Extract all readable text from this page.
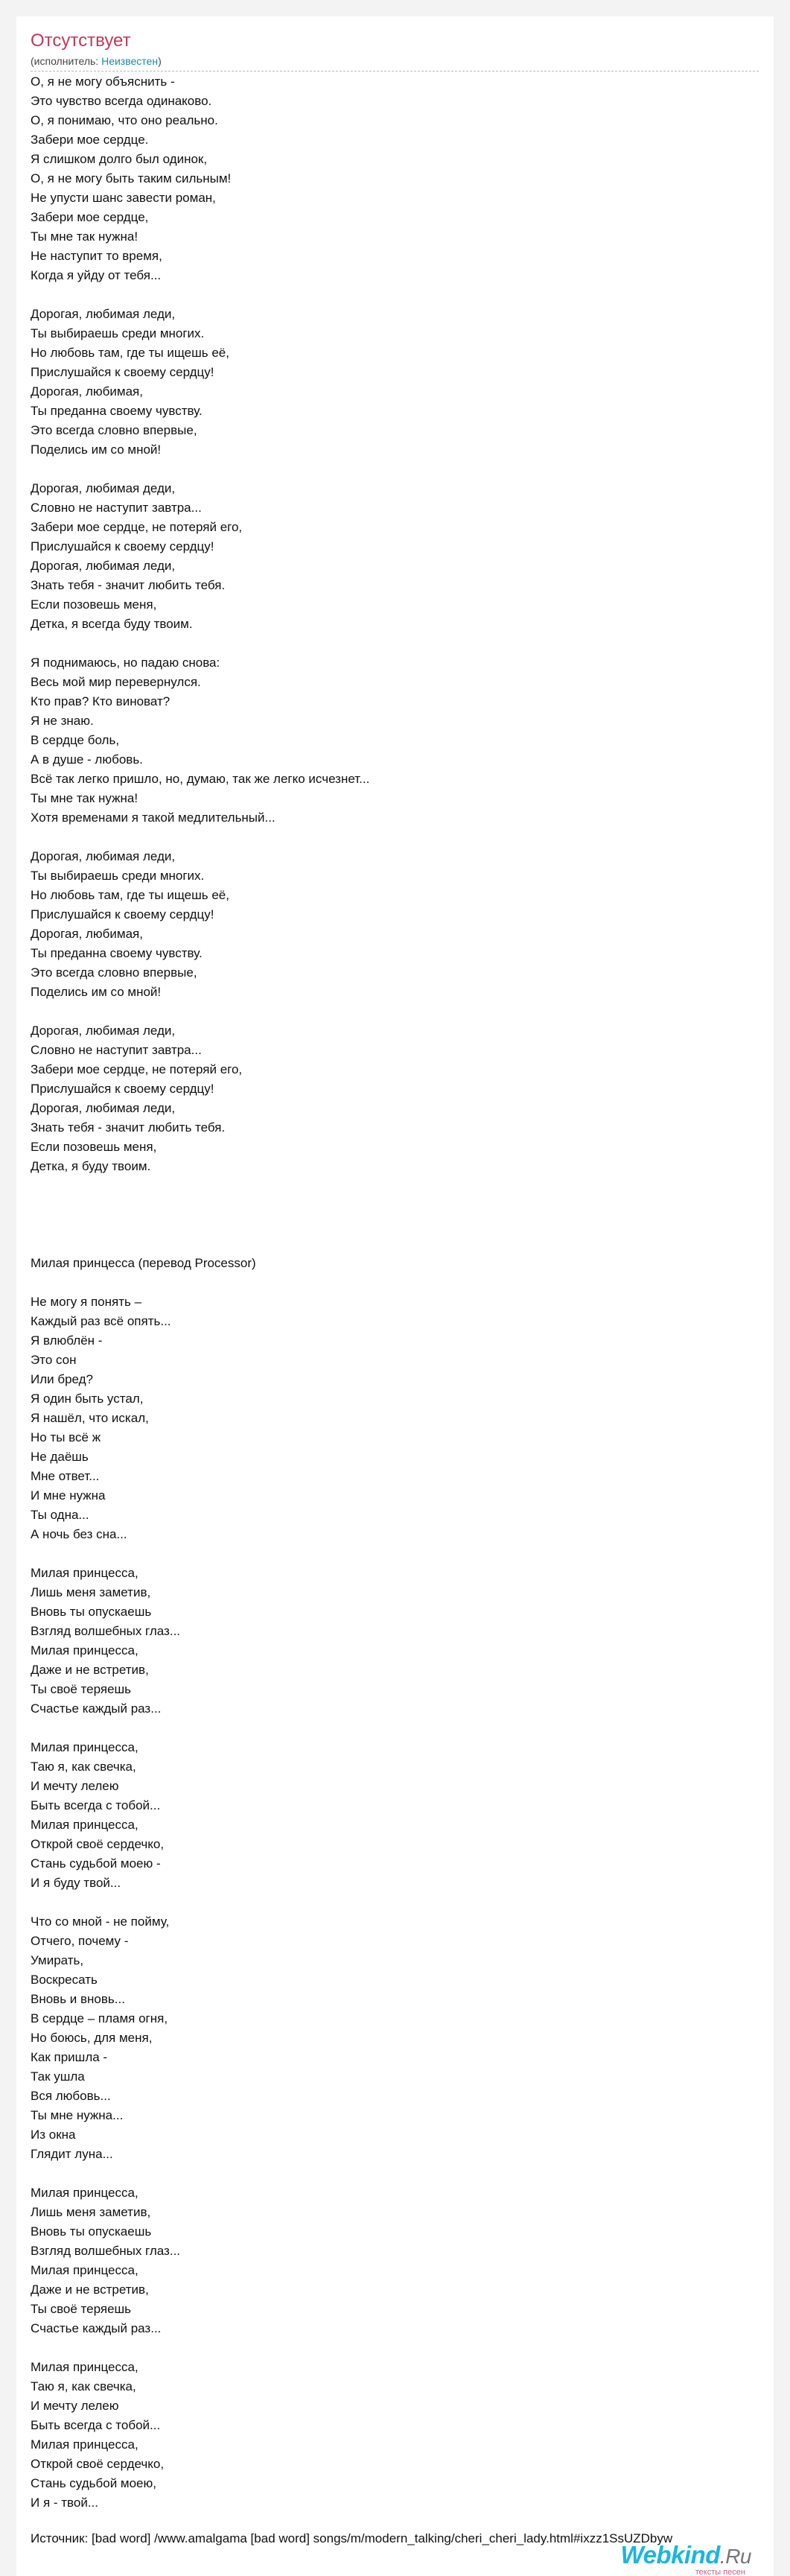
Отсутствует
(исполнитель: Неизвестен)
О, я не могу объяснить -
Это чувство всегда одинаково.
О, я понимаю, что оно реально.
Забери мое сердце.
Я слишком долго был одинок,
О, я не могу быть таким сильным!
Не упусти шанс завести роман,
Забери мое сердце,
Ты мне так нужна!
Не наступит то время,
Когда я уйду от тебя...
Дорогая, любимая леди,
Ты выбираешь среди многих.
Но любовь там, где ты ищешь её,
Прислушайся к своему сердцу!
Дорогая, любимая,
Ты преданна своему чувству.
Это всегда словно впервые,
Поделись им со мной!
Дорогая, любимая деди,
Словно не наступит завтра...
Забери мое сердце, не потеряй его,
Прислушайся к своему сердцу!
Дорогая, любимая леди,
Знать тебя - значит любить тебя.
Если позовешь меня,
Детка, я всегда буду твоим.
Я поднимаюсь, но падаю снова:
Весь мой мир перевернулся.
Кто прав? Кто виноват?
Я не знаю.
В сердце боль,
А в душе - любовь.
Всё так легко пришло, но, думаю, так же легко исчезнет...
Ты мне так нужна!
Хотя временами я такой медлительный...
Дорогая, любимая леди,
Ты выбираешь среди многих.
Но любовь там, где ты ищешь её,
Прислушайся к своему сердцу!
Дорогая, любимая,
Ты преданна своему чувству.
Это всегда словно впервые,
Поделись им со мной!
Дорогая, любимая леди,
Словно не наступит завтра...
Забери мое сердце, не потеряй его,
Прислушайся к своему сердцу!
Дорогая, любимая леди,
Знать тебя - значит любить тебя.
Если позовешь меня,
Детка, я буду твоим.
Милая принцесса (перевод Processor)
Не могу я понять –
Каждый раз всё опять...
Я влюблён -
Это сон
Или бред?
Я один быть устал,
Я нашёл, что искал,
Но ты всё ж
Не даёшь
Мне ответ...
И мне нужна
Ты одна...
А ночь без сна...
Милая принцесса,
Лишь меня заметив,
Вновь ты опускаешь
Взгляд волшебных глаз...
Милая принцесса,
Даже и не встретив,
Ты своё теряешь
Счастье каждый раз...
Милая принцесса,
Таю я, как свечка,
И мечту лелею
Быть всегда с тобой...
Милая принцесса,
Открой своё сердечко,
Стань судьбой моею -
И я буду твой...
Что со мной - не пойму,
Отчего, почему -
Умирать,
Воскресать
Вновь и вновь...
В сердце – пламя огня,
Но боюсь, для меня,
Как пришла -
Так ушла
Вся любовь...
Ты мне нужна...
Из окна
Глядит луна...
Милая принцесса,
Лишь меня заметив,
Вновь ты опускаешь
Взгляд волшебных глаз...
Милая принцесса,
Даже и не встретив,
Ты своё теряешь
Счастье каждый раз...
Милая принцесса,
Таю я, как свечка,
И мечту лелею
Быть всегда с тобой...
Милая принцесса,
Открой своё сердечко,
Стань судьбой моею,
И я - твой...
Источник: [bad word] /www.amalgama [bad word] songs/m/modern_talking/cheri_cheri_lady.html#ixzz1SsUZDbyw
Webkind.Ru
тексты песен
